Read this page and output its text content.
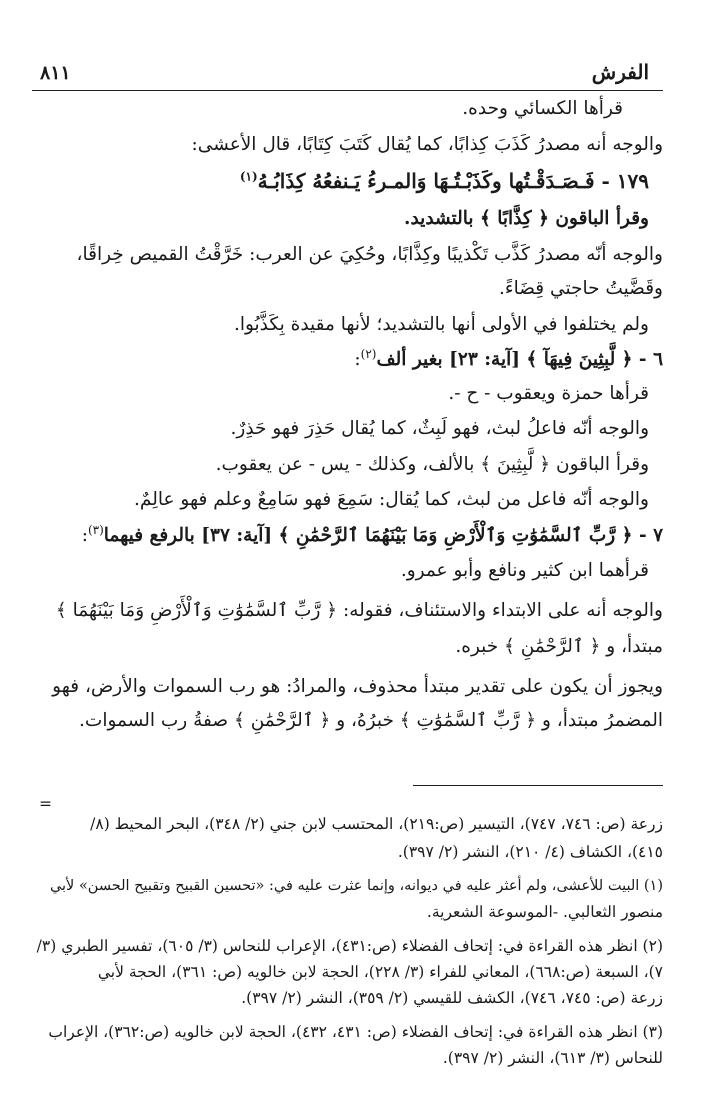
الفرش
٨١١
قرأها الكسائي وحده.
والوجه أنه مصدرُ كَذَبَ كِذابًا، كما يُقال كَتَبَ كِتَابًا، قال الأعشى:
١٧٩ - فَـصَـدَقْـتُها وكَذَبْـتُـهَا وَالمـرءُ يَـنفعُهُ كِذَابُـهُ$^{(١)}$
وقرأ الباقون ﴿ كِذَّابًا ﴾ بالتشديد.
والوجه أنّه مصدرُ كَذَّب تَكْذيبًا وكِذَّابًا، وحُكِيَ عن العرب: خَرَّقْتُ القميص خِراقًا،
وقَضَّيتُ حاجتي قِضَاءً.
ولم يختلفوا في الأولى أنها بالتشديد؛ لأنها مقيدة بِكَذَّبُوا.
٦ - ﴿ لَّبِثِينَ فِيهَآ ﴾ [آية: ٢٣] بغير ألف$^{(٢)}$:
قرأها حمزة ويعقوب - ح -.
والوجه أنّه فاعلُ لبث، فهو لَبِثٌ، كما يُقال حَذِرَ فهو حَذِرٌ.
وقرأ الباقون ﴿ لَّبِثِينَ ﴾ بالألف، وكذلك - يس - عن يعقوب.
والوجه أنّه فاعل من لبث، كما يُقال: سَمِعَ فهو سَامِعٌ وعلم فهو عالِمٌ.
٧ - ﴿ رَّبِّ ٱلسَّمَٰوَٰتِ وَٱلْأَرْضِ وَمَا بَيْنَهُمَا ٱلرَّحْمَٰنِ ﴾ [آية: ٣٧] بالرفع فيهما$^{(٣)}$:
قرأهما ابن كثير ونافع وأبو عمرو.
والوجه أنه على الابتداء والاستئناف، فقوله: ﴿ رَّبِّ ٱلسَّمَٰوَٰتِ وَٱلْأَرْضِ وَمَا بَيْنَهُمَا ﴾
مبتدأ، و ﴿ ٱلرَّحْمَٰنِ ﴾ خبره.
ويجوز أن يكون على تقدير مبتدأ محذوف، والمرادُ: هو رب السموات والأرض، فهو
المضمرُ مبتدأ، و ﴿ رَّبِّ ٱلسَّمَٰوَٰتِ ﴾ خبرُهُ، و ﴿ ٱلرَّحْمَٰنِ ﴾ صفةُ رب السموات.
=
زرعة (ص: ٧٤٦، ٧٤٧)، التيسير (ص:٢١٩)، المحتسب لابن جني (٢/ ٣٤٨)، البحر المحيط (٨/
٤١٥)، الكشاف (٤/ ٢١٠)، النشر (٢/ ٣٩٧).
(١) البيت للأعشى، ولم أعثر عليه في ديوانه، وإنما عثرت عليه في: «تحسين القبيح وتقبيح الحسن» لأبي
منصور الثعالبي. -الموسوعة الشعرية.
(٢) انظر هذه القراءة في: إتحاف الفضلاء (ص:٤٣١)، الإعراب للنحاس (٣/ ٦٠٥)، تفسير الطبري (٣/
٧)، السبعة (ص:٦٦٨)، المعاني للفراء (٣/ ٢٢٨)، الحجة لابن خالويه (ص: ٣٦١)، الحجة لأبي
زرعة (ص: ٧٤٥، ٧٤٦)، الكشف للقيسي (٢/ ٣٥٩)، النشر (٢/ ٣٩٧).
(٣) انظر هذه القراءة في: إتحاف الفضلاء (ص: ٤٣١، ٤٣٢)، الحجة لابن خالويه (ص:٣٦٢)، الإعراب
للنحاس (٣/ ٦١٣)، النشر (٢/ ٣٩٧).
